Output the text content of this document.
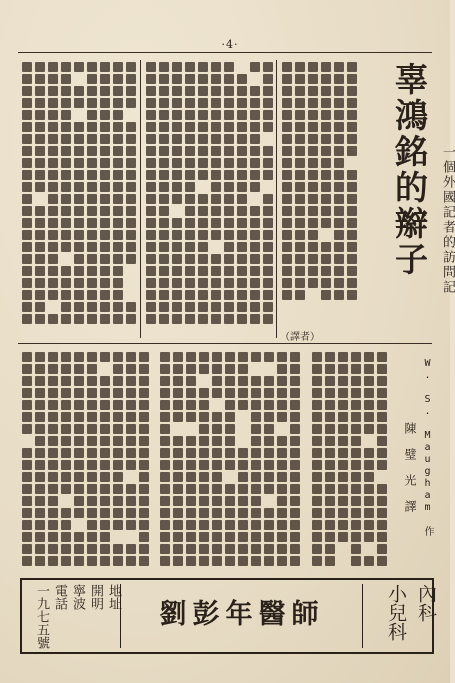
·4·
辜鴻銘的辮子 一個外國記者的訪問記
（譯者）
W. S. Maugham 作
陳　璧　光　譯
劉彭年醫師	內科
小兒科
地址
開明
寧波
電話
一九七五號
